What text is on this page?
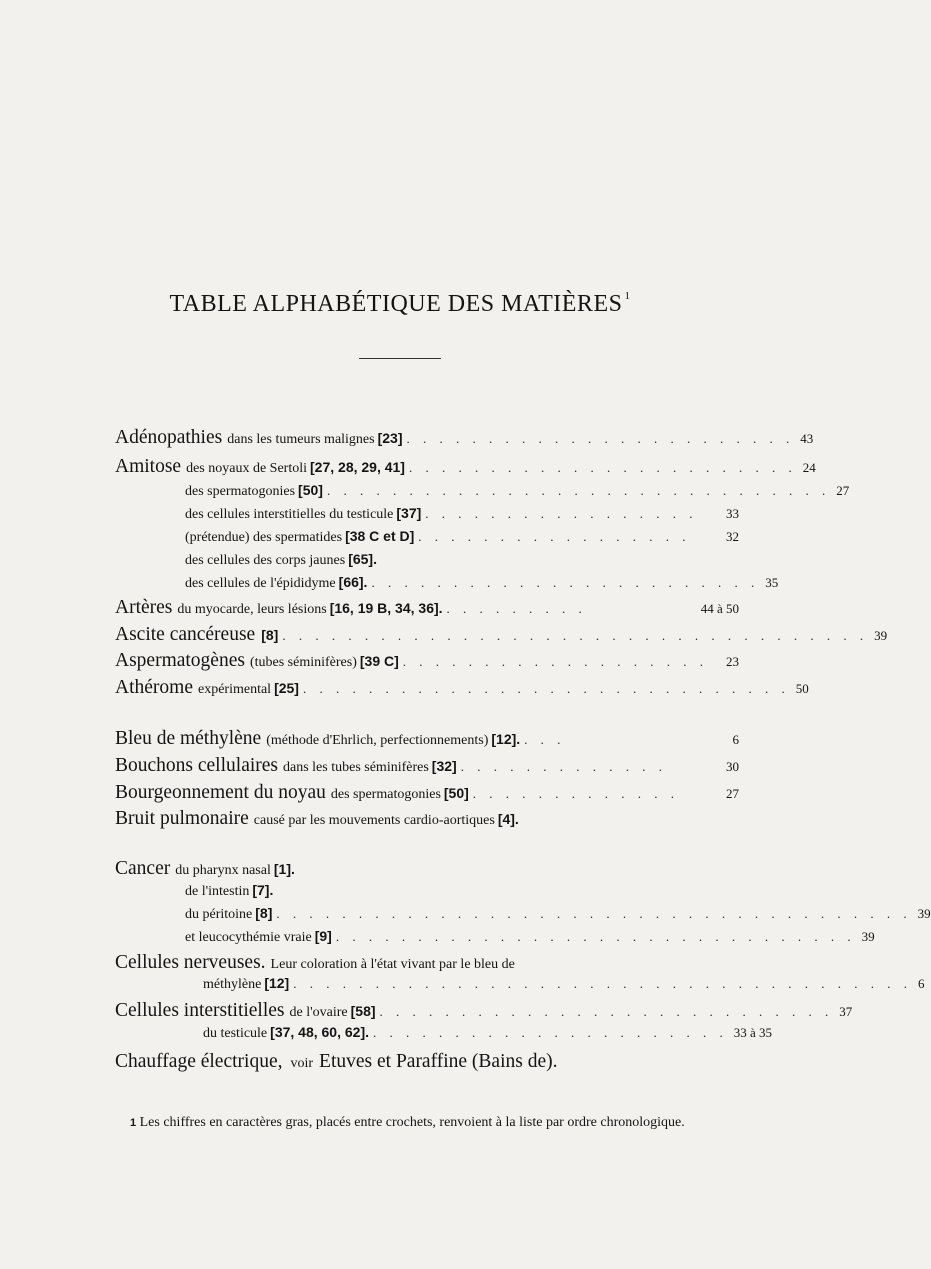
TABLE ALPHABÉTIQUE DES MATIÈRES $^1$
Adénopathies dans les tumeurs malignes [23] . . . . . . . . . . . . . . . . . . . . . . . . 43
Amitose des noyaux de Sertoli [27, 28, 29, 41] . . . . . . . . . . . . . . . . . . . . . . . . 24
des spermatogonies [50] . . . . . . . . . . . . . . . . . . . . . . . . . . . . . . . 27
des cellules interstitielles du testicule [37] . . . . . . . . . . . . . . . . .	33
(prétendue) des spermatides [38 C et D] . . . . . . . . . . . . . . . . .	32
des cellules des corps jaunes [65].
des cellules de l'épididyme [66]. . . . . . . . . . . . . . . . . . . . . . . . . 35
Artères du myocarde, leurs lésions [16, 19 B, 34, 36]. . . . . . . . . .	44 à 50
Ascite cancéreuse [8] . . . . . . . . . . . . . . . . . . . . . . . . . . . . . . . . . . . . 39
Aspermatogènes (tubes séminifères) [39 C] . . . . . . . . . . . . . . . . . . .	23
Athérome expérimental [25] . . . . . . . . . . . . . . . . . . . . . . . . . . . . . . 50
Bleu de méthylène (méthode d'Ehrlich, perfectionnements) [12]. . . .	6
Bouchons cellulaires dans les tubes séminifères [32] . . . . . . . . . . . . .	30
Bourgeonnement du noyau des spermatogonies [50] . . . . . . . . . . . . .	27
Bruit pulmonaire causé par les mouvements cardio-aortiques [4].
Cancer du pharynx nasal [1].
de l'intestin [7].
du péritoine [8] . . . . . . . . . . . . . . . . . . . . . . . . . . . . . . . . . . . . . . . 39
et leucocythémie vraie [9] . . . . . . . . . . . . . . . . . . . . . . . . . . . . . . . . 39
Cellules nerveuses. Leur coloration à l'état vivant par le bleu de
méthylène [12] . . . . . . . . . . . . . . . . . . . . . . . . . . . . . . . . . . . . . . 6
Cellules interstitielles de l'ovaire [58] . . . . . . . . . . . . . . . . . . . . . . . . . . . . 37
du testicule [37, 48, 60, 62]. . . . . . . . . . . . . . . . . . . . . . . 33 à 35
Chauffage électrique, voir Etuves et Paraffine (Bains de).
1 Les chiffres en caractères gras, placés entre crochets, renvoient à la liste par ordre chronologique.
